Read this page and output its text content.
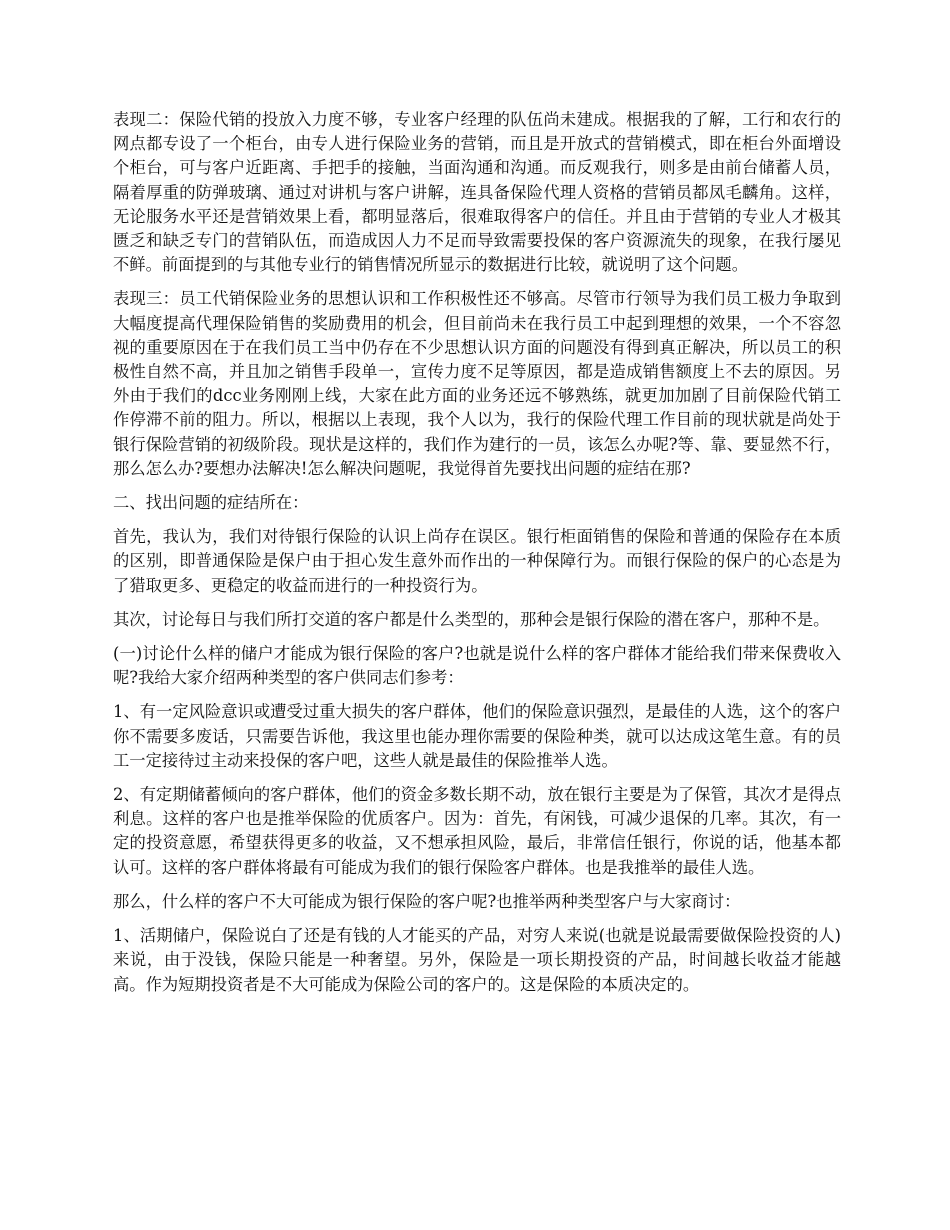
表现二：保险代销的投放入力度不够，专业客户经理的队伍尚未建成。根据我的了解，工行和农行的网点都专设了一个柜台，由专人进行保险业务的营销，而且是开放式的营销模式，即在柜台外面增设个柜台，可与客户近距离、手把手的接触，当面沟通和沟通。而反观我行，则多是由前台储蓄人员，隔着厚重的防弹玻璃、通过对讲机与客户讲解，连具备保险代理人资格的营销员都凤毛麟角。这样，无论服务水平还是营销效果上看，都明显落后，很难取得客户的信任。并且由于营销的专业人才极其匮乏和缺乏专门的营销队伍，而造成因人力不足而导致需要投保的客户资源流失的现象，在我行屡见不鲜。前面提到的与其他专业行的销售情况所显示的数据进行比较，就说明了这个问题。

表现三：员工代销保险业务的思想认识和工作积极性还不够高。尽管市行领导为我们员工极力争取到大幅度提高代理保险销售的奖励费用的机会，但目前尚未在我行员工中起到理想的效果，一个不容忽视的重要原因在于在我们员工当中仍存在不少思想认识方面的问题没有得到真正解决，所以员工的积极性自然不高，并且加之销售手段单一，宣传力度不足等原因，都是造成销售额度上不去的原因。另外由于我们的dcc业务刚刚上线，大家在此方面的业务还远不够熟练，就更加加剧了目前保险代销工作停滞不前的阻力。所以，根据以上表现，我个人以为，我行的保险代理工作目前的现状就是尚处于银行保险营销的初级阶段。现状是这样的，我们作为建行的一员，该怎么办呢?等、靠、要显然不行，那么怎么办?要想办法解决!怎么解决问题呢，我觉得首先要找出问题的症结在那?

二、找出问题的症结所在：

首先，我认为，我们对待银行保险的认识上尚存在误区。银行柜面销售的保险和普通的保险存在本质的区别，即普通保险是保户由于担心发生意外而作出的一种保障行为。而银行保险的保户的心态是为了猎取更多、更稳定的收益而进行的一种投资行为。

其次，讨论每日与我们所打交道的客户都是什么类型的，那种会是银行保险的潜在客户，那种不是。

(一)讨论什么样的储户才能成为银行保险的客户?也就是说什么样的客户群体才能给我们带来保费收入呢?我给大家介绍两种类型的客户供同志们参考：

1、有一定风险意识或遭受过重大损失的客户群体，他们的保险意识强烈，是最佳的人选，这个的客户你不需要多废话，只需要告诉他，我这里也能办理你需要的保险种类，就可以达成这笔生意。有的员工一定接待过主动来投保的客户吧，这些人就是最佳的保险推举人选。

2、有定期储蓄倾向的客户群体，他们的资金多数长期不动，放在银行主要是为了保管，其次才是得点利息。这样的客户也是推举保险的优质客户。因为：首先，有闲钱，可减少退保的几率。其次，有一定的投资意愿，希望获得更多的收益，又不想承担风险，最后，非常信任银行，你说的话，他基本都认可。这样的客户群体将最有可能成为我们的银行保险客户群体。也是我推举的最佳人选。

那么，什么样的客户不大可能成为银行保险的客户呢?也推举两种类型客户与大家商讨：

1、活期储户，保险说白了还是有钱的人才能买的产品，对穷人来说(也就是说最需要做保险投资的人)来说，由于没钱，保险只能是一种奢望。另外，保险是一项长期投资的产品，时间越长收益才能越高。作为短期投资者是不大可能成为保险公司的客户的。这是保险的本质决定的。
